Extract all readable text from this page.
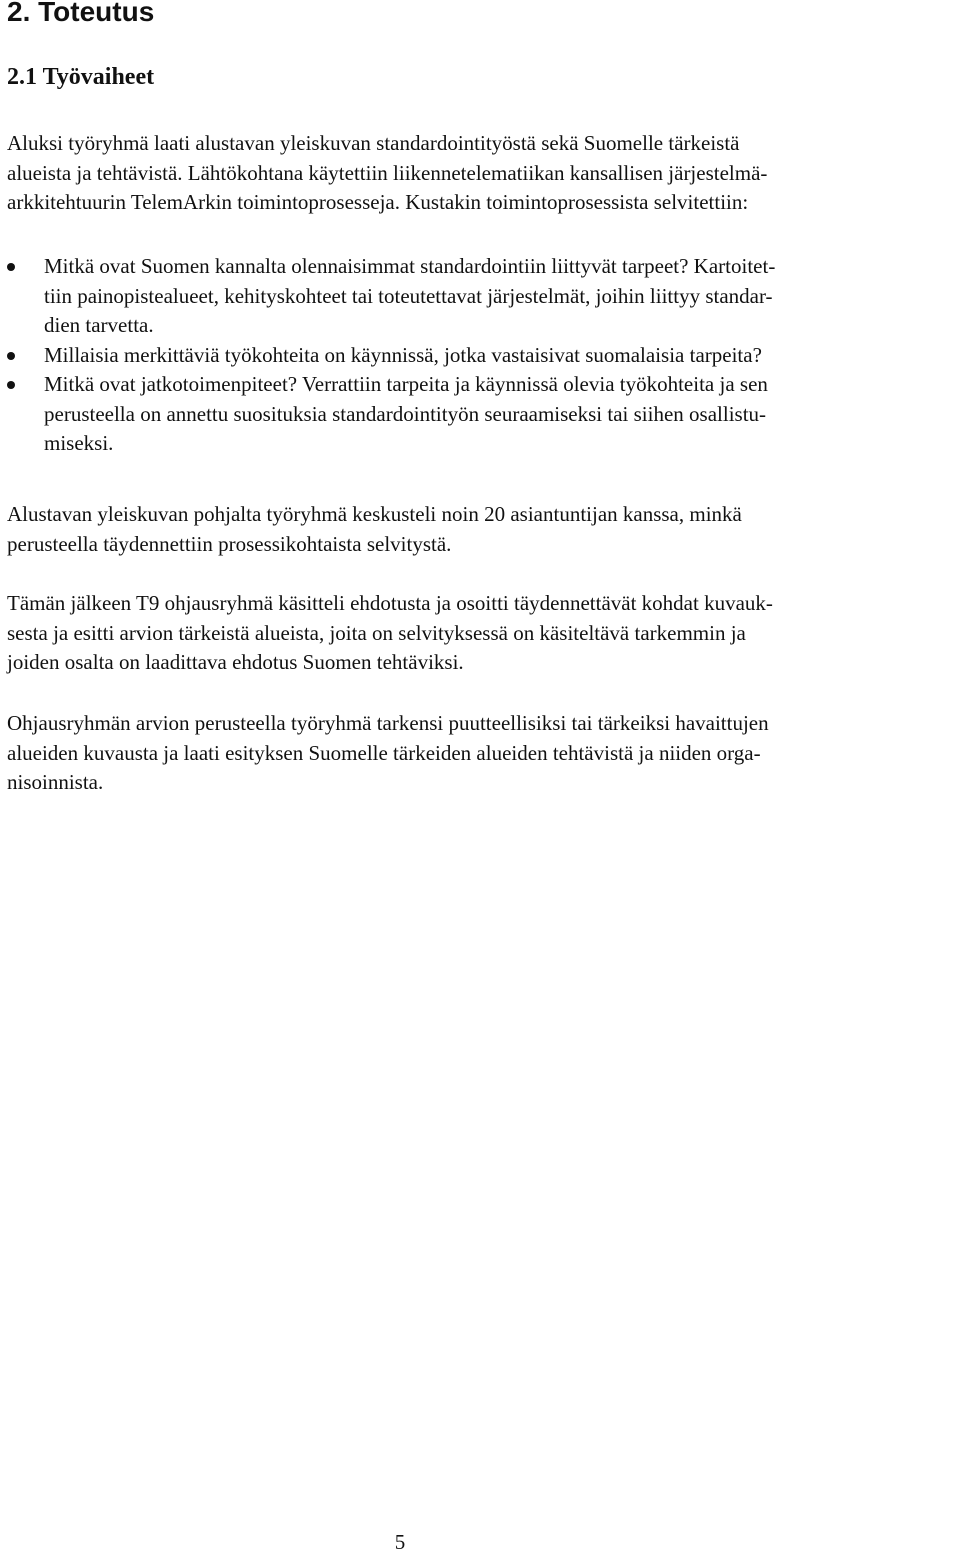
2. Toteutus
2.1 Työvaiheet

Aluksi työryhmä laati alustavan yleiskuvan standardointityöstä sekä Suomelle tärkeistä
alueista ja tehtävistä. Lähtökohtana käytettiin liikennetelematiikan kansallisen järjestelmä-
arkkitehtuurin TelemArkin toimintoprosesseja. Kustakin toimintoprosessista selvitettiin:

Mitkä ovat Suomen kannalta olennaisimmat standardointiin liittyvät tarpeet? Kartoitet-
tiin painopistealueet, kehityskohteet tai toteutettavat järjestelmät, joihin liittyy standar-
dien tarvetta.
Millaisia merkittäviä työkohteita on käynnissä, jotka vastaisivat suomalaisia tarpeita?
Mitkä ovat jatkotoimenpiteet? Verrattiin tarpeita ja käynnissä olevia työkohteita ja sen
perusteella on annettu suosituksia standardointityön seuraamiseksi tai siihen osallistu-
miseksi.

Alustavan yleiskuvan pohjalta työryhmä keskusteli noin 20 asiantuntijan kanssa, minkä
perusteella täydennettiin prosessikohtaista selvitystä.

Tämän jälkeen T9 ohjausryhmä käsitteli ehdotusta ja osoitti täydennettävät kohdat kuvauk-
sesta ja esitti arvion tärkeistä alueista, joita on selvityksessä on käsiteltävä tarkemmin ja
joiden osalta on laadittava ehdotus Suomen tehtäviksi.

Ohjausryhmän arvion perusteella työryhmä tarkensi puutteellisiksi tai tärkeiksi havaittujen
alueiden kuvausta ja laati esityksen Suomelle tärkeiden alueiden tehtävistä ja niiden orga-
nisoinnista.

5
